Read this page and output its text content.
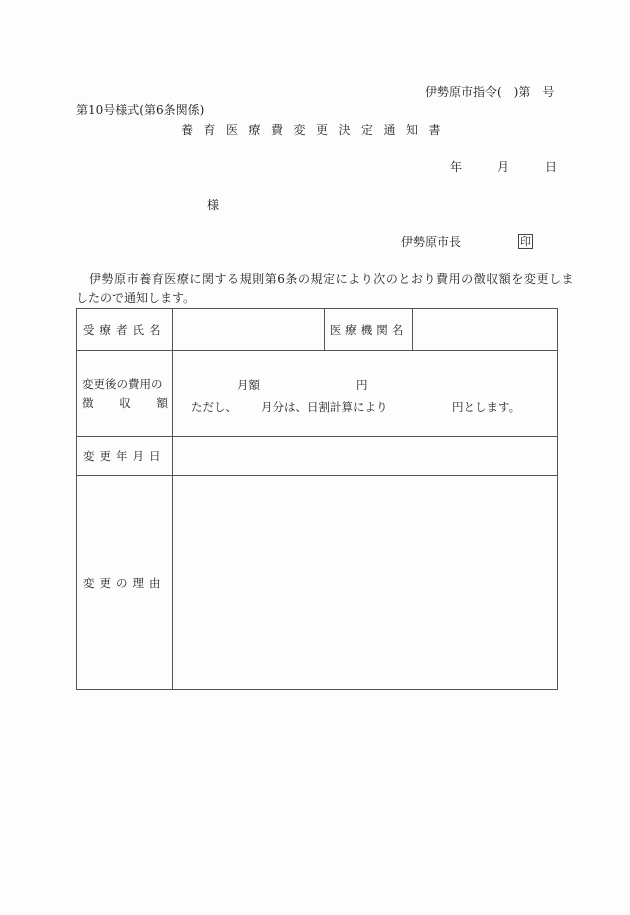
伊勢原市指令(　)第　号
第10号様式(第6条関係)
養育医療費変更決定通知書
年	月	日
様
伊勢原市長	印
伊勢原市養育医療に関する規則第6条の規定により次のとおり費用の徴収額を変更しま
したので通知します。
受療者氏名		医療機関名	

変更後の費用の
徴 収 額

月額	円
ただし、 月分は、日割計算により	円とします。

変更年月日			
変更の理由			
